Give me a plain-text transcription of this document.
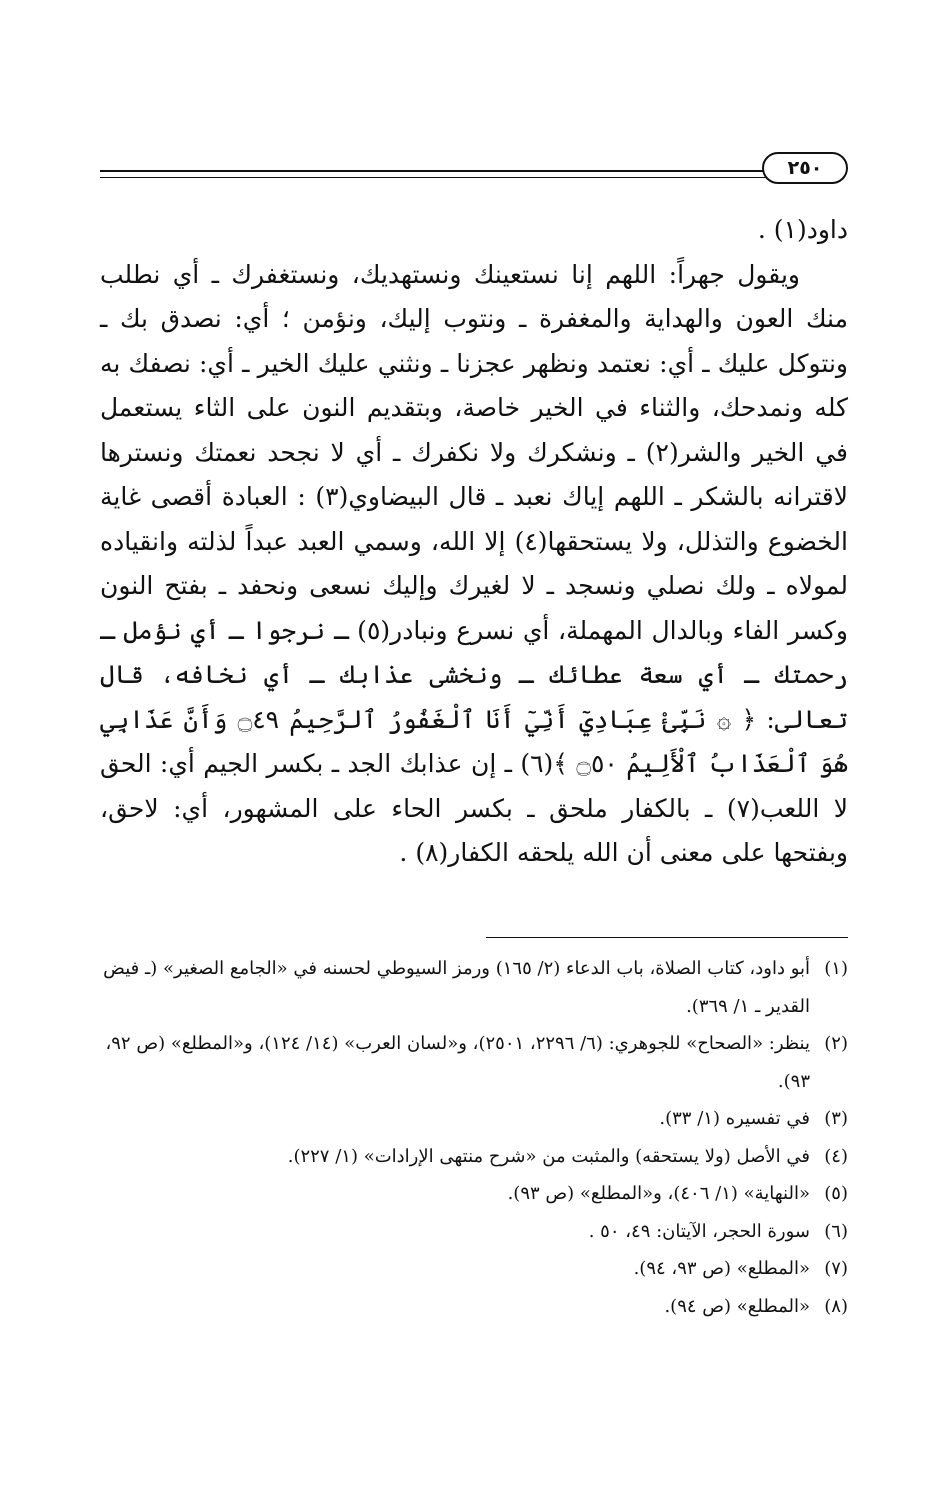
٢٥٠

داود(١) .

ويقول جهراً: اللهم إنا نستعينك ونستهديك، ونستغفرك ـ أي نطلب منك العون والهداية والمغفرة ـ ونتوب إليك، ونؤمن ؛ أي: نصدق بك ـ ونتوكل عليك ـ أي: نعتمد ونظهر عجزنا ـ ونثني عليك الخير ـ أي: نصفك به كله ونمدحك، والثناء في الخير خاصة، وبتقديم النون على الثاء يستعمل في الخير والشر(٢) ـ ونشكرك ولا نكفرك ـ أي لا نجحد نعمتك ونسترها لاقترانه بالشكر ـ اللهم إياك نعبد ـ قال البيضاوي(٣) : العبادة أقصى غاية الخضوع والتذلل، ولا يستحقها(٤) إلا الله، وسمي العبد عبداً لذلته وانقياده لمولاه ـ ولك نصلي ونسجد ـ لا لغيرك وإليك نسعى ونحفد ـ بفتح النون وكسر الفاء وبالدال المهملة، أي نسرع ونبادر(٥) ـ نرجوا ـ أي نؤمل ـ رحمتك ـ أي سعة عطائك ـ ونخشى عذابك ـ أي نخافه، قال تعالى: ﴿ ۞ نَبِّئْ عِبَادِيٓ أَنِّيٓ أَنَا ٱلْغَفُورُ ٱلرَّحِيمُ ۝٤٩ وَأَنَّ عَذَابِي هُوَ ٱلْعَذَابُ ٱلْأَلِيمُ ۝٥٠ ﴾(٦) ـ إن عذابك الجد ـ بكسر الجيم أي: الحق لا اللعب(٧) ـ بالكفار ملحق ـ بكسر الحاء على المشهور، أي: لاحق، وبفتحها على معنى أن الله يلحقه الكفار(٨) .

(١)
أبو داود، كتاب الصلاة، باب الدعاء (٢/ ١٦٥) ورمز السيوطي لحسنه في «الجامع الصغير» (ـ فيض القدير ـ ١/ ٣٦٩).

(٢)
ينظر: «الصحاح» للجوهري: (٦/ ٢٢٩٦، ٢٥٠١)، و«لسان العرب» (١٤/ ١٢٤)، و«المطلع» (ص ٩٢، ٩٣).

(٣)
في تفسيره (١/ ٣٣).

(٤)
في الأصل (ولا يستحقه) والمثبت من «شرح منتهى الإرادات» (١/ ٢٢٧).

(٥)
«النهاية» (١/ ٤٠٦)، و«المطلع» (ص ٩٣).

(٦)
سورة الحجر، الآيتان: ٤٩، ٥٠ .

(٧)
«المطلع» (ص ٩٣، ٩٤).

(٨)
«المطلع» (ص ٩٤).
